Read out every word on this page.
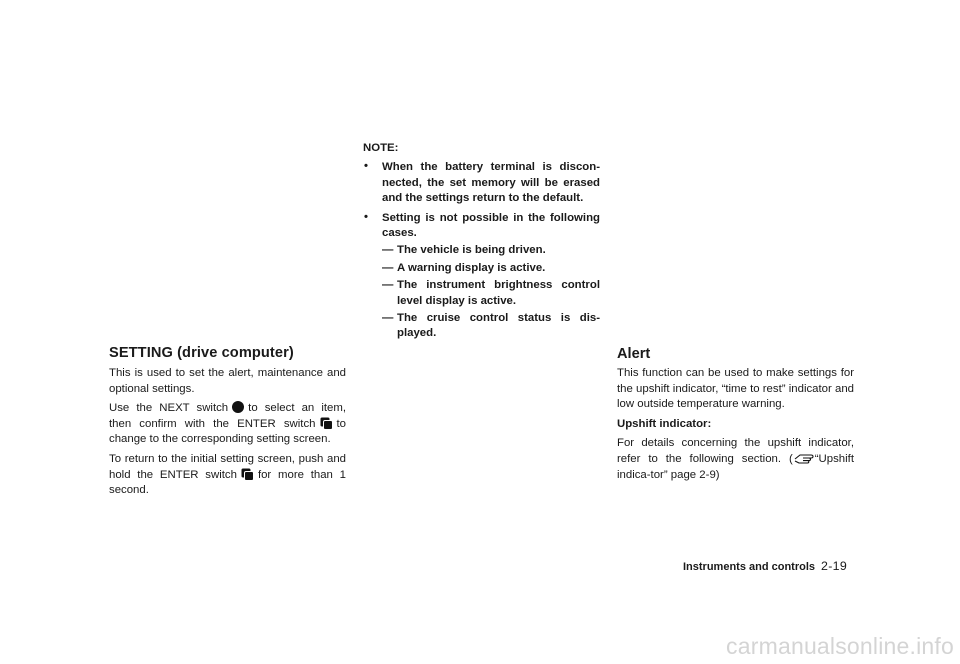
NOTE:
• When the battery terminal is discon-nected, the set memory will be erased and the settings return to the default.
• Setting is not possible in the following cases.
— The vehicle is being driven.
— A warning display is active.
— The instrument brightness control level display is active.
— The cruise control status is dis-played.
SETTING (drive computer)

This is used to set the alert, maintenance and optional settings.

Use the NEXT switch to select an item, then confirm with the ENTER switch to change to the corresponding setting screen.

To return to the initial setting screen, push and hold the ENTER switch for more than 1 second.

Alert

This function can be used to make settings for the upshift indicator, “time to rest” indicator and low outside temperature warning.

Upshift indicator:

For details concerning the upshift indicator, refer to the following section. ( “Upshift indica-tor” page 2-9)

Instruments and controls 2-19
carmanualsonline.info
